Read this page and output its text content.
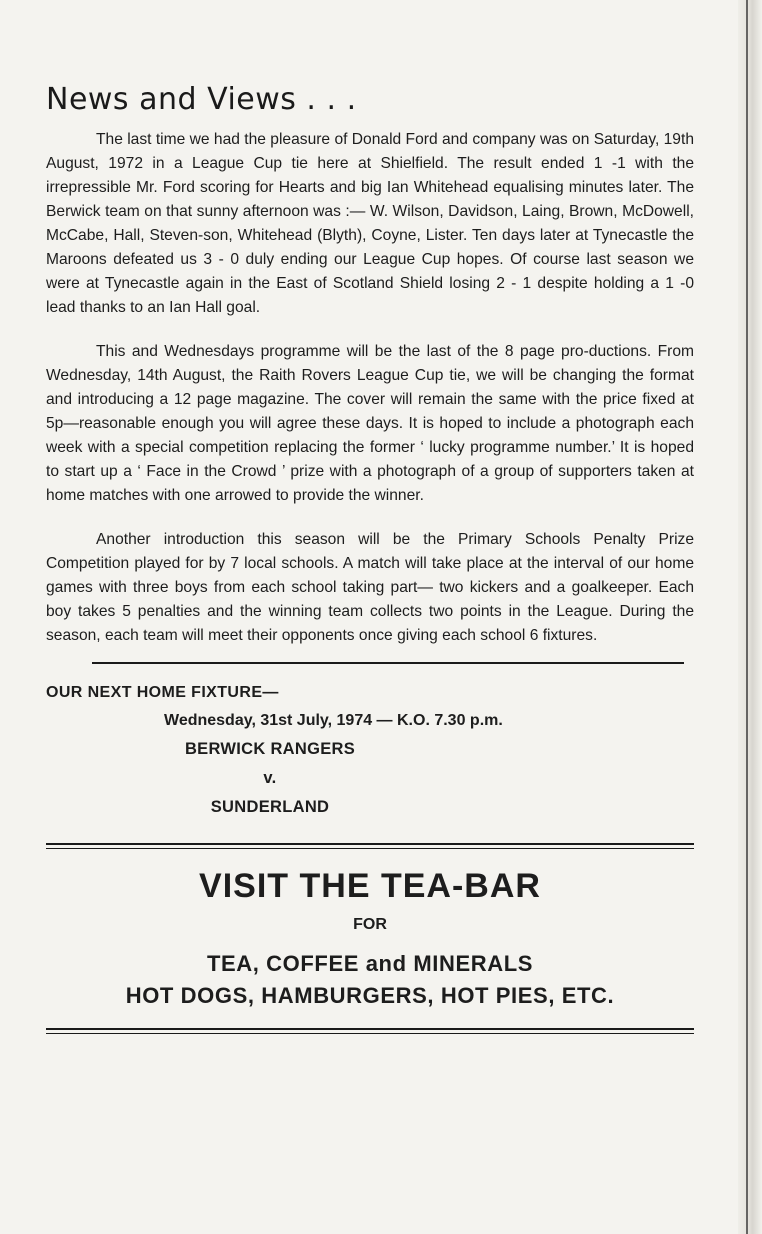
News and Views . . .

The last time we had the pleasure of Donald Ford and company was on Saturday, 19th August, 1972 in a League Cup tie here at Shielfield. The result ended 1 -1 with the irrepressible Mr. Ford scoring for Hearts and big Ian Whitehead equalising minutes later. The Berwick team on that sunny afternoon was :— W. Wilson, Davidson, Laing, Brown, McDowell, McCabe, Hall, Steven-son, Whitehead (Blyth), Coyne, Lister. Ten days later at Tynecastle the Maroons defeated us 3 - 0 duly ending our League Cup hopes. Of course last season we were at Tynecastle again in the East of Scotland Shield losing 2 - 1 despite holding a 1 -0 lead thanks to an Ian Hall goal.

This and Wednesdays programme will be the last of the 8 page pro-ductions. From Wednesday, 14th August, the Raith Rovers League Cup tie, we will be changing the format and introducing a 12 page magazine. The cover will remain the same with the price fixed at 5p—reasonable enough you will agree these days. It is hoped to include a photograph each week with a special competition replacing the former ‘ lucky programme number.’ It is hoped to start up a ‘ Face in the Crowd ’ prize with a photograph of a group of supporters taken at home matches with one arrowed to provide the winner.

Another introduction this season will be the Primary Schools Penalty Prize Competition played for by 7 local schools. A match will take place at the interval of our home games with three boys from each school taking part— two kickers and a goalkeeper. Each boy takes 5 penalties and the winning team collects two points in the League. During the season, each team will meet their opponents once giving each school 6 fixtures.

OUR NEXT HOME FIXTURE—
Wednesday, 31st July, 1974 — K.O. 7.30 p.m.
BERWICK RANGERS
v.
SUNDERLAND
VISIT THE TEA-BAR
FOR
TEA, COFFEE and MINERALS
HOT DOGS, HAMBURGERS, HOT PIES, ETC.
